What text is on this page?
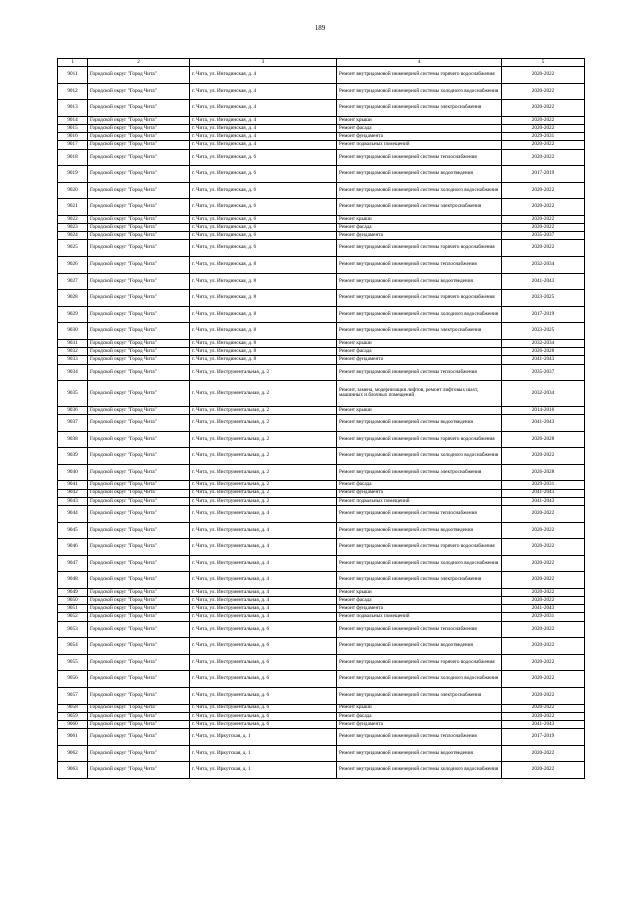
189
1	2	3	4	5
9011	Городской округ "Город Чита"	г. Чита, ул. Ингодинская, д. 4	Ремонт внутридомовой инженерной системы горячего водоснабжения	2020-2022
9012	Городской округ "Город Чита"	г. Чита, ул. Ингодинская, д. 4	Ремонт внутридомовой инженерной системы холодного водоснабжения	2020-2022
9013	Городской округ "Город Чита"	г. Чита, ул. Ингодинская, д. 4	Ремонт внутридомовой инженерной системы электроснабжения	2020-2022
9014	Городской округ "Город Чита"	г. Чита, ул. Ингодинская, д. 4	Ремонт крыши	2020-2022
9015	Городской округ "Город Чита"	г. Чита, ул. Ингодинская, д. 4	Ремонт фасада	2020-2022
9016	Городской округ "Город Чита"	г. Чита, ул. Ингодинская, д. 4	Ремонт фундамента	2029-2031
9017	Городской округ "Город Чита"	г. Чита, ул. Ингодинская, д. 4	Ремонт подвальных помещений	2020-2022
9018	Городской округ "Город Чита"	г. Чита, ул. Ингодинская, д. 6	Ремонт внутридомовой инженерной системы теплоснабжения	2020-2022
9019	Городской округ "Город Чита"	г. Чита, ул. Ингодинская, д. 6	Ремонт внутридомовой инженерной системы водоотведения	2017-2019
9020	Городской округ "Город Чита"	г. Чита, ул. Ингодинская, д. 6	Ремонт внутридомовой инженерной системы холодного водоснабжения	2020-2022
9021	Городской округ "Город Чита"	г. Чита, ул. Ингодинская, д. 6	Ремонт внутридомовой инженерной системы электроснабжения	2020-2022
9022	Городской округ "Город Чита"	г. Чита, ул. Ингодинская, д. 6	Ремонт крыши	2020-2022
9023	Городской округ "Город Чита"	г. Чита, ул. Ингодинская, д. 6	Ремонт фасада	2020-2022
9024	Городской округ "Город Чита"	г. Чита, ул. Ингодинская, д. 6	Ремонт фундамента	2035-2037
9025	Городской округ "Город Чита"	г. Чита, ул. Ингодинская, д. 6	Ремонт внутридомовой инженерной системы горячего водоснабжения	2020-2022
9026	Городской округ "Город Чита"	г. Чита, ул. Ингодинская, д. 8	Ремонт внутридомовой инженерной системы теплоснабжения	2032-2034
9027	Городской округ "Город Чита"	г. Чита, ул. Ингодинская, д. 8	Ремонт внутридомовой инженерной системы водоотведения	2041-2043
9028	Городской округ "Город Чита"	г. Чита, ул. Ингодинская, д. 8	Ремонт внутридомовой инженерной системы горячего водоснабжения	2023-2025
9029	Городской округ "Город Чита"	г. Чита, ул. Ингодинская, д. 8	Ремонт внутридомовой инженерной системы холодного водоснабжения	2017-2019
9030	Городской округ "Город Чита"	г. Чита, ул. Ингодинская, д. 8	Ремонт внутридомовой инженерной системы электроснабжения	2023-2025
9031	Городской округ "Город Чита"	г. Чита, ул. Ингодинская, д. 8	Ремонт крыши	2032-2034
9032	Городской округ "Город Чита"	г. Чита, ул. Ингодинская, д. 8	Ремонт фасада	2026-2028
9033	Городской округ "Город Чита"	г. Чита, ул. Ингодинская, д. 8	Ремонт фундамента	2041-2043
9034	Городской округ "Город Чита"	г. Чита, ул. Инструментальная, д. 2	Ремонт внутридомовой инженерной системы теплоснабжения	2035-2037
9035	Городской округ "Город Чита"	г. Чита, ул. Инструментальная, д. 2	Ремонт, замена, модернизация лифтов, ремонт лифтовых шахт, машинных и блочных помещений	2032-2034
9036	Городской округ "Город Чита"	г. Чита, ул. Инструментальная, д. 2	Ремонт крыши	2014-2016
9037	Городской округ "Город Чита"	г. Чита, ул. Инструментальная, д. 2	Ремонт внутридомовой инженерной системы водоотведения	2041-2043
9038	Городской округ "Город Чита"	г. Чита, ул. Инструментальная, д. 2	Ремонт внутридомовой инженерной системы горячего водоснабжения	2026-2028
9039	Городской округ "Город Чита"	г. Чита, ул. Инструментальная, д. 2	Ремонт внутридомовой инженерной системы холодного водоснабжения	2020-2022
9040	Городской округ "Город Чита"	г. Чита, ул. Инструментальная, д. 2	Ремонт внутридомовой инженерной системы электроснабжения	2026-2028
9041	Городской округ "Город Чита"	г. Чита, ул. Инструментальная, д. 2	Ремонт фасада	2029-2031
9042	Городской округ "Город Чита"	г. Чита, ул. Инструментальная, д. 2	Ремонт фундамента	2041-2043
9043	Городской округ "Город Чита"	г. Чита, ул. Инструментальная, д. 2	Ремонт подвальных помещений	2041-2043
9044	Городской округ "Город Чита"	г. Чита, ул. Инструментальная, д. 4	Ремонт внутридомовой инженерной системы теплоснабжения	2020-2022
9045	Городской округ "Город Чита"	г. Чита, ул. Инструментальная, д. 4	Ремонт внутридомовой инженерной системы водоотведения	2020-2022
9046	Городской округ "Город Чита"	г. Чита, ул. Инструментальная, д. 4	Ремонт внутридомовой инженерной системы горячего водоснабжения	2020-2022
9047	Городской округ "Город Чита"	г. Чита, ул. Инструментальная, д. 4	Ремонт внутридомовой инженерной системы холодного водоснабжения	2020-2022
9048	Городской округ "Город Чита"	г. Чита, ул. Инструментальная, д. 4	Ремонт внутридомовой инженерной системы электроснабжения	2020-2022
9049	Городской округ "Город Чита"	г. Чита, ул. Инструментальная, д. 4	Ремонт крыши	2020-2022
9050	Городской округ "Город Чита"	г. Чита, ул. Инструментальная, д. 4	Ремонт фасада	2020-2022
9051	Городской округ "Город Чита"	г. Чита, ул. Инструментальная, д. 4	Ремонт фундамента	2041-2043
9052	Городской округ "Город Чита"	г. Чита, ул. Инструментальная, д. 4	Ремонт подвальных помещений	2029-2031
9053	Городской округ "Город Чита"	г. Чита, ул. Инструментальная, д. 6	Ремонт внутридомовой инженерной системы теплоснабжения	2020-2022
9054	Городской округ "Город Чита"	г. Чита, ул. Инструментальная, д. 6	Ремонт внутридомовой инженерной системы водоотведения	2020-2022
9055	Городской округ "Город Чита"	г. Чита, ул. Инструментальная, д. 6	Ремонт внутридомовой инженерной системы горячего водоснабжения	2020-2022
9056	Городской округ "Город Чита"	г. Чита, ул. Инструментальная, д. 6	Ремонт внутридомовой инженерной системы холодного водоснабжения	2020-2022
9057	Городской округ "Город Чита"	г. Чита, ул. Инструментальная, д. 6	Ремонт внутридомовой инженерной системы электроснабжения	2020-2022
9058	Городской округ "Город Чита"	г. Чита, ул. Инструментальная, д. 6	Ремонт крыши	2020-2022
9059	Городской округ "Город Чита"	г. Чита, ул. Инструментальная, д. 6	Ремонт фасада	2020-2022
9060	Городской округ "Город Чита"	г. Чита, ул. Инструментальная, д. 6	Ремонт фундамента	2041-2043
9061	Городской округ "Город Чита"	г. Чита, ул. Иркутская, д. 1	Ремонт внутридомовой инженерной системы теплоснабжения	2017-2019
9062	Городской округ "Город Чита"	г. Чита, ул. Иркутская, д. 1	Ремонт внутридомовой инженерной системы водоотведения	2020-2022
9063	Городской округ "Город Чита"	г. Чита, ул. Иркутская, д. 1	Ремонт внутридомовой инженерной системы холодного водоснабжения	2020-2022
